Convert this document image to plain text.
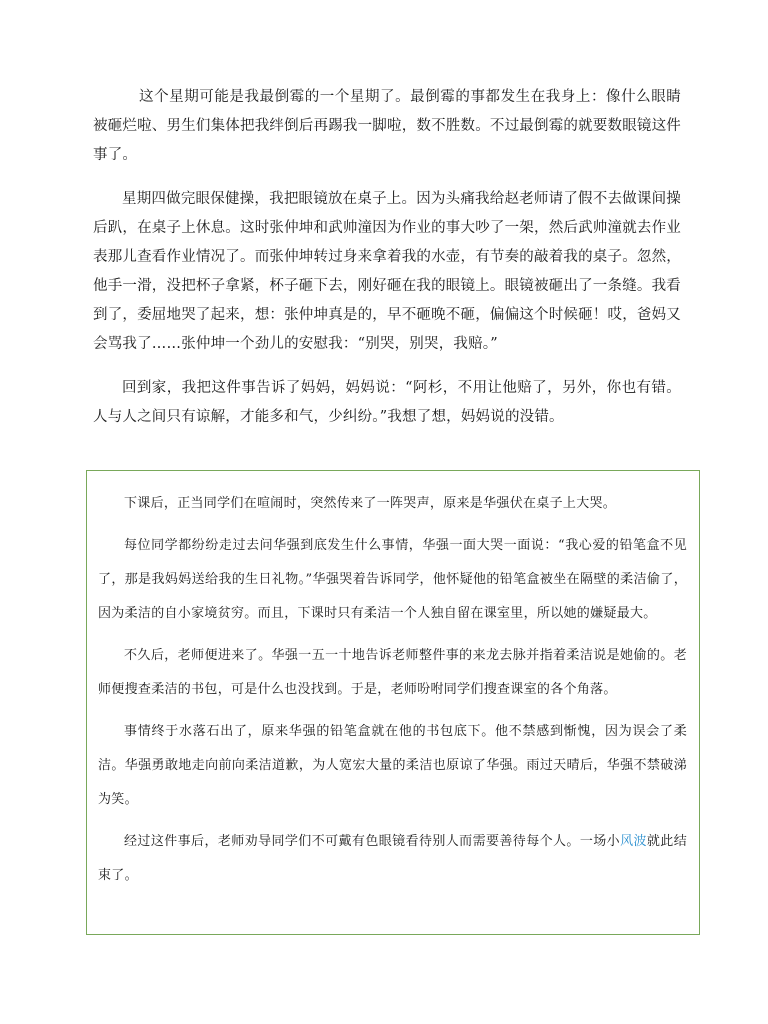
这个星期可能是我最倒霉的一个星期了。最倒霉的事都发生在我身上：像什么眼睛被砸烂啦、男生们集体把我绊倒后再踢我一脚啦，数不胜数。不过最倒霉的就要数眼镜这件事了。

星期四做完眼保健操，我把眼镜放在桌子上。因为头痛我给赵老师请了假不去做课间操后趴，在桌子上休息。这时张仲坤和武帅潼因为作业的事大吵了一架，然后武帅潼就去作业表那儿查看作业情况了。而张仲坤转过身来拿着我的水壶，有节奏的敲着我的桌子。忽然，他手一滑，没把杯子拿紧，杯子砸下去，刚好砸在我的眼镜上。眼镜被砸出了一条缝。我看到了，委屈地哭了起来，想：张仲坤真是的，早不砸晚不砸，偏偏这个时候砸！哎，爸妈又会骂我了……张仲坤一个劲儿的安慰我：“别哭，别哭，我赔。”

回到家，我把这件事告诉了妈妈，妈妈说：“阿杉，不用让他赔了，另外，你也有错。人与人之间只有谅解，才能多和气，少纠纷。”我想了想，妈妈说的没错。

下课后，正当同学们在喧闹时，突然传来了一阵哭声，原来是华强伏在桌子上大哭。

每位同学都纷纷走过去问华强到底发生什么事情，华强一面大哭一面说：“我心爱的铅笔盒不见了，那是我妈妈送给我的生日礼物。”华强哭着告诉同学，他怀疑他的铅笔盒被坐在隔壁的柔洁偷了，因为柔洁的自小家境贫穷。而且，下课时只有柔洁一个人独自留在课室里，所以她的嫌疑最大。

不久后，老师便进来了。华强一五一十地告诉老师整件事的来龙去脉并指着柔洁说是她偷的。老师便搜查柔洁的书包，可是什么也没找到。于是，老师吩咐同学们搜查课室的各个角落。

事情终于水落石出了，原来华强的铅笔盒就在他的书包底下。他不禁感到惭愧，因为误会了柔洁。华强勇敢地走向前向柔洁道歉，为人宽宏大量的柔洁也原谅了华强。雨过天晴后，华强不禁破涕为笑。

经过这件事后，老师劝导同学们不可戴有色眼镜看待别人而需要善待每个人。一场小风波就此结束了。
